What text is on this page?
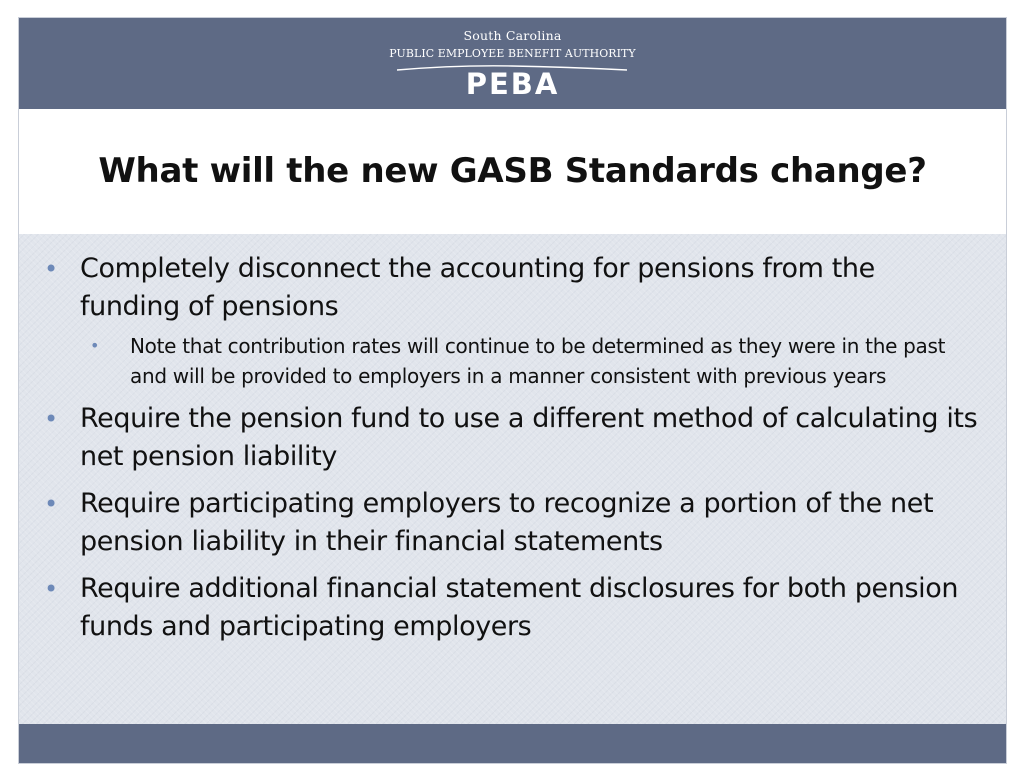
South Carolina
PUBLIC EMPLOYEE BENEFIT AUTHORITY
PEBA
What will the new GASB Standards change?
• Completely disconnect the accounting for pensions from the funding of pensions
• Note that contribution rates will continue to be determined as they were in the past and will be provided to employers in a manner consistent with previous years
• Require the pension fund to use a different method of calculating its net pension liability
• Require participating employers to recognize a portion of the net pension liability in their financial statements
• Require additional financial statement disclosures for both pension funds and participating employers
